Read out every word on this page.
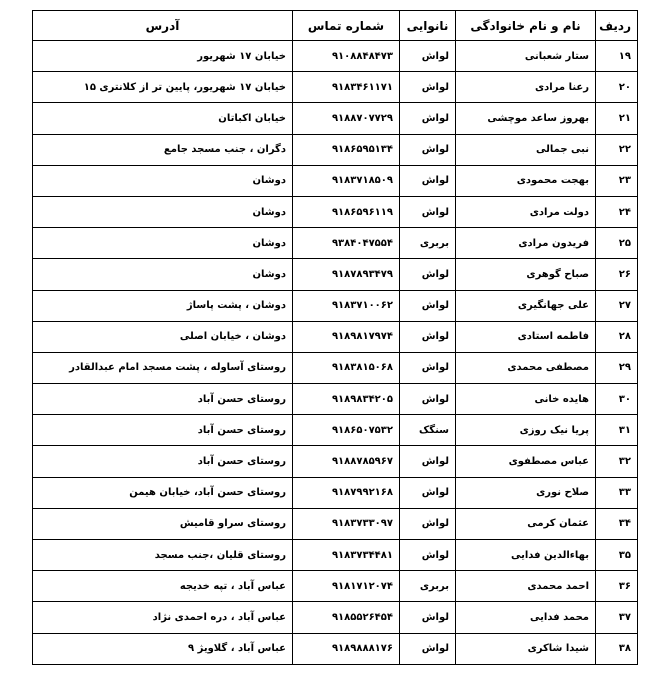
ردیف	نام و نام خانوادگی	نانوایی	شماره تماس	آدرس
۱۹	ستار شعبانی	لواش	۹۱۰۸۸۴۸۴۷۳	خیابان ۱۷ شهریور
۲۰	رعنا مرادی	لواش	۹۱۸۳۴۶۱۱۷۱	خیابان ۱۷ شهریور، پایین تر از کلانتری ۱۵
۲۱	بهروز ساعد موچشی	لواش	۹۱۸۸۷۰۷۷۲۹	خیابان اکباتان
۲۲	نبی جمالی	لواش	۹۱۸۶۵۹۵۱۳۴	دگران ، جنب مسجد جامع
۲۳	بهجت محمودی	لواش	۹۱۸۳۷۱۸۵۰۹	دوشان
۲۴	دولت مرادی	لواش	۹۱۸۶۵۹۶۱۱۹	دوشان
۲۵	فریدون مرادی	بربری	۹۳۸۴۰۴۷۵۵۴	دوشان
۲۶	صباح گوهری	لواش	۹۱۸۷۸۹۳۴۷۹	دوشان
۲۷	علی جهانگیری	لواش	۹۱۸۳۷۱۰۰۶۲	دوشان ، پشت پاساژ
۲۸	فاطمه استادی	لواش	۹۱۸۹۸۱۷۹۷۴	دوشان ، خیابان اصلی
۲۹	مصطفی محمدی	لواش	۹۱۸۳۸۱۵۰۶۸	روستای آساوله ، پشت مسجد امام عبدالقادر
۳۰	هایده خانی	لواش	۹۱۸۹۸۳۴۲۰۵	روستای حسن آباد
۳۱	پریا نیک روزی	سنگک	۹۱۸۶۵۰۷۵۳۲	روستای حسن آباد
۳۲	عباس مصطفوی	لواش	۹۱۸۸۷۸۵۹۶۷	روستای حسن آباد
۳۳	صلاح نوری	لواش	۹۱۸۷۹۹۲۱۶۸	روستای حسن آباد، خیابان هیمن
۳۴	عثمان کرمی	لواش	۹۱۸۳۷۳۳۰۹۷	روستای سراو قامیش
۳۵	بهاءالدین فدایی	لواش	۹۱۸۳۷۳۴۴۸۱	روستای قلیان ،جنب مسجد
۳۶	احمد محمدی	بربری	۹۱۸۱۷۱۲۰۷۴	عباس آباد ، تپه خدیجه
۳۷	محمد فدایی	لواش	۹۱۸۵۵۲۶۴۵۴	عباس آباد ، دره احمدی نژاد
۳۸	شیدا شاکری	لواش	۹۱۸۹۸۸۸۱۷۶	عباس آباد ، گلاویژ ۹
